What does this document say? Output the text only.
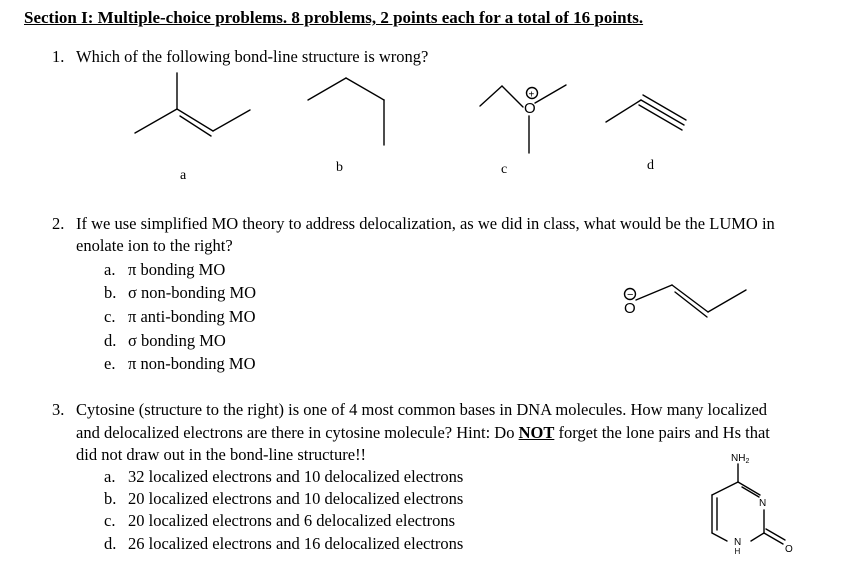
Section I: Multiple-choice problems. 8 problems, 2 points each for a total of 16 points.
1. Which of the following bond-line structure is wrong?
a
b	c	d
2. If we use simplified MO theory to address delocalization, as we did in class, what would be the LUMO in
enolate ion to the right?
a. π bonding MO
b. σ non-bonding MO
c. π anti-bonding MO
d. σ bonding MO
e. π non-bonding MO
3. Cytosine (structure to the right) is one of 4 most common bases in DNA molecules. How many localized
and delocalized electrons are there in cytosine molecule? Hint: Do NOT forget the lone pairs and Hs that
did not draw out in the bond-line structure!!
a. 32 localized electrons and 10 delocalized electrons
b. 20 localized electrons and 10 delocalized electrons
c. 20 localized electrons and 6 delocalized electrons
d. 26 localized electrons and 16 delocalized electrons
O
+
O
−
$NH_2$
N
N
H	O
